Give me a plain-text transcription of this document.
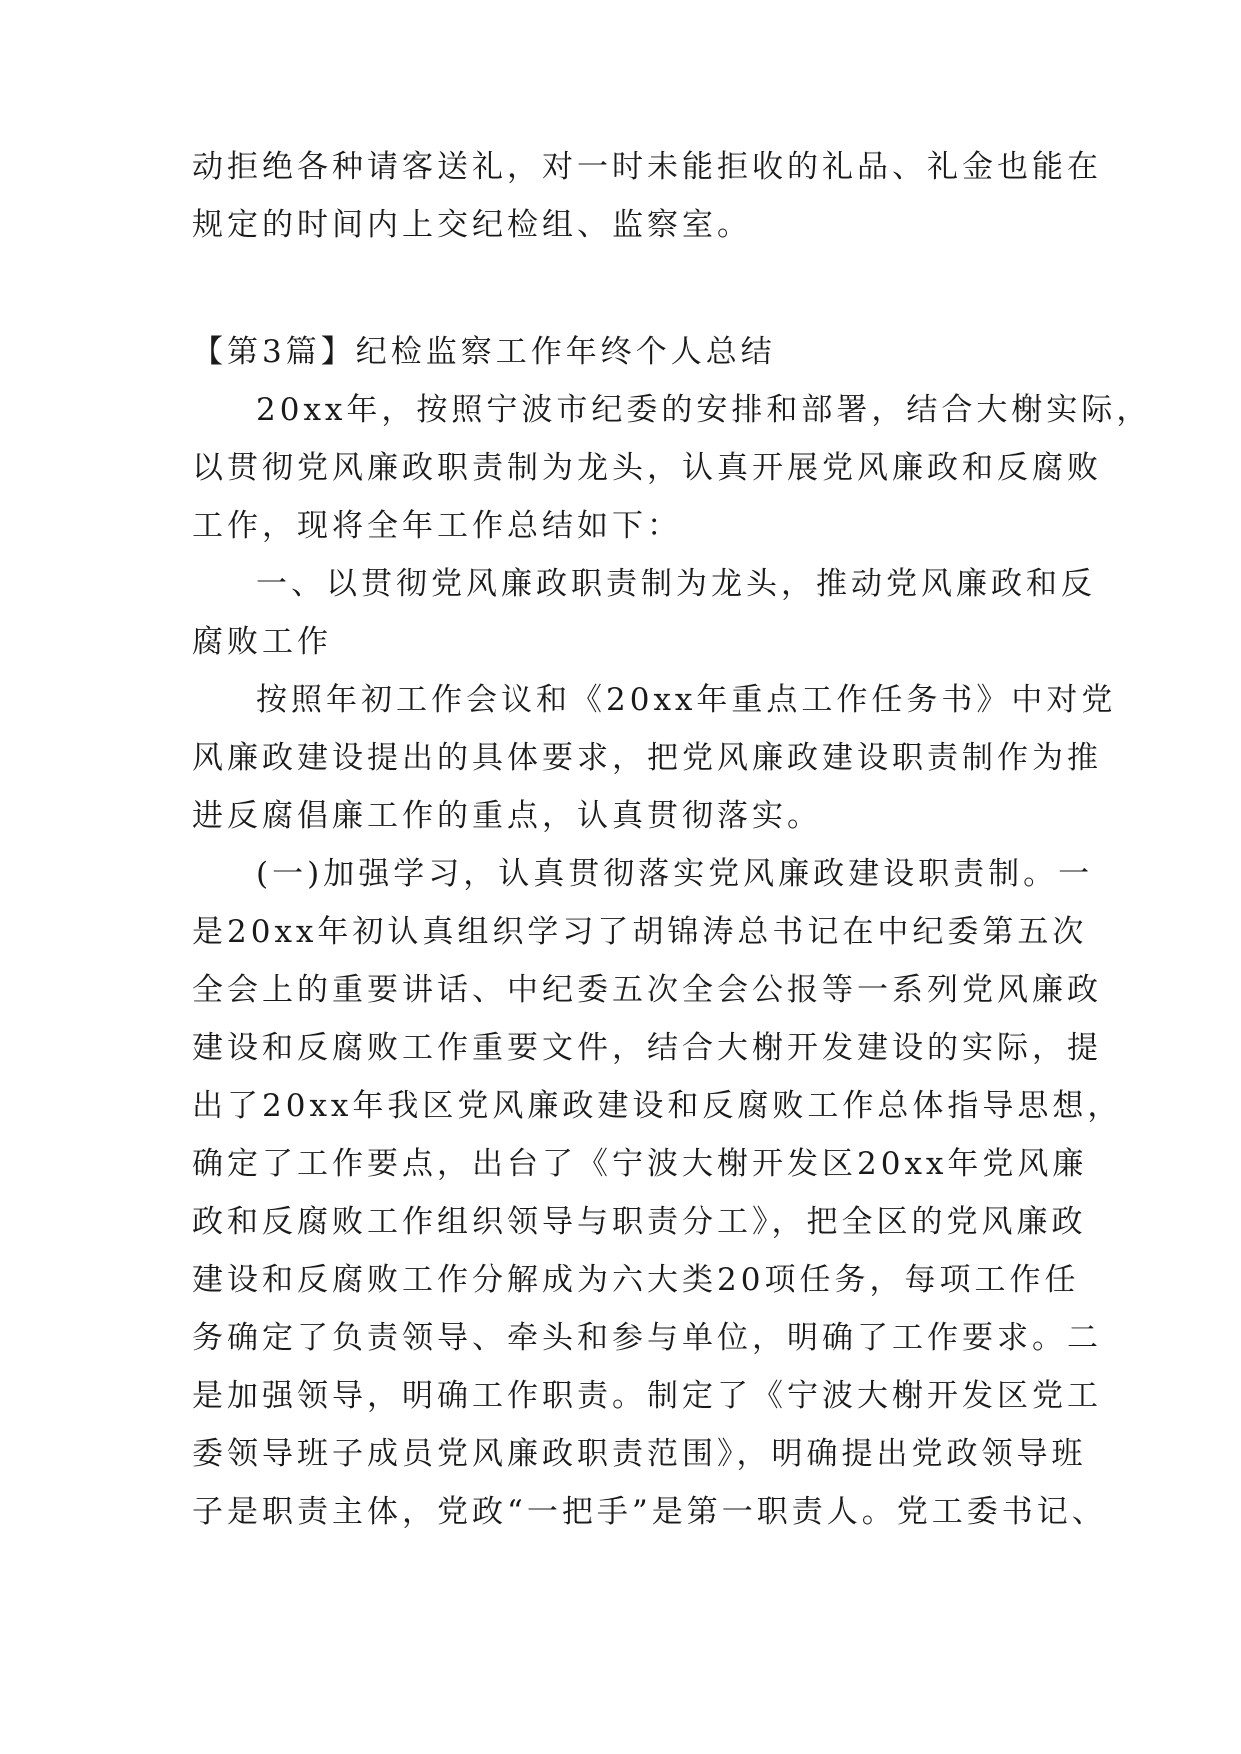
动拒绝各种请客送礼，对一时未能拒收的礼品、礼金也能在
规定的时间内上交纪检组、监察室。
【第3篇】纪检监察工作年终个人总结
20xx年，按照宁波市纪委的安排和部署，结合大榭实际，
以贯彻党风廉政职责制为龙头，认真开展党风廉政和反腐败
工作，现将全年工作总结如下：
一、以贯彻党风廉政职责制为龙头，推动党风廉政和反
腐败工作
按照年初工作会议和《20xx年重点工作任务书》中对党
风廉政建设提出的具体要求，把党风廉政建设职责制作为推
进反腐倡廉工作的重点，认真贯彻落实。
(一)加强学习，认真贯彻落实党风廉政建设职责制。一
是20xx年初认真组织学习了胡锦涛总书记在中纪委第五次
全会上的重要讲话、中纪委五次全会公报等一系列党风廉政
建设和反腐败工作重要文件，结合大榭开发建设的实际，提
出了20xx年我区党风廉政建设和反腐败工作总体指导思想，
确定了工作要点，出台了《宁波大榭开发区20xx年党风廉
政和反腐败工作组织领导与职责分工》，把全区的党风廉政
建设和反腐败工作分解成为六大类20项任务，每项工作任
务确定了负责领导、牵头和参与单位，明确了工作要求。二
是加强领导，明确工作职责。制定了《宁波大榭开发区党工
委领导班子成员党风廉政职责范围》，明确提出党政领导班
子是职责主体，党政“一把手”是第一职责人。党工委书记、
